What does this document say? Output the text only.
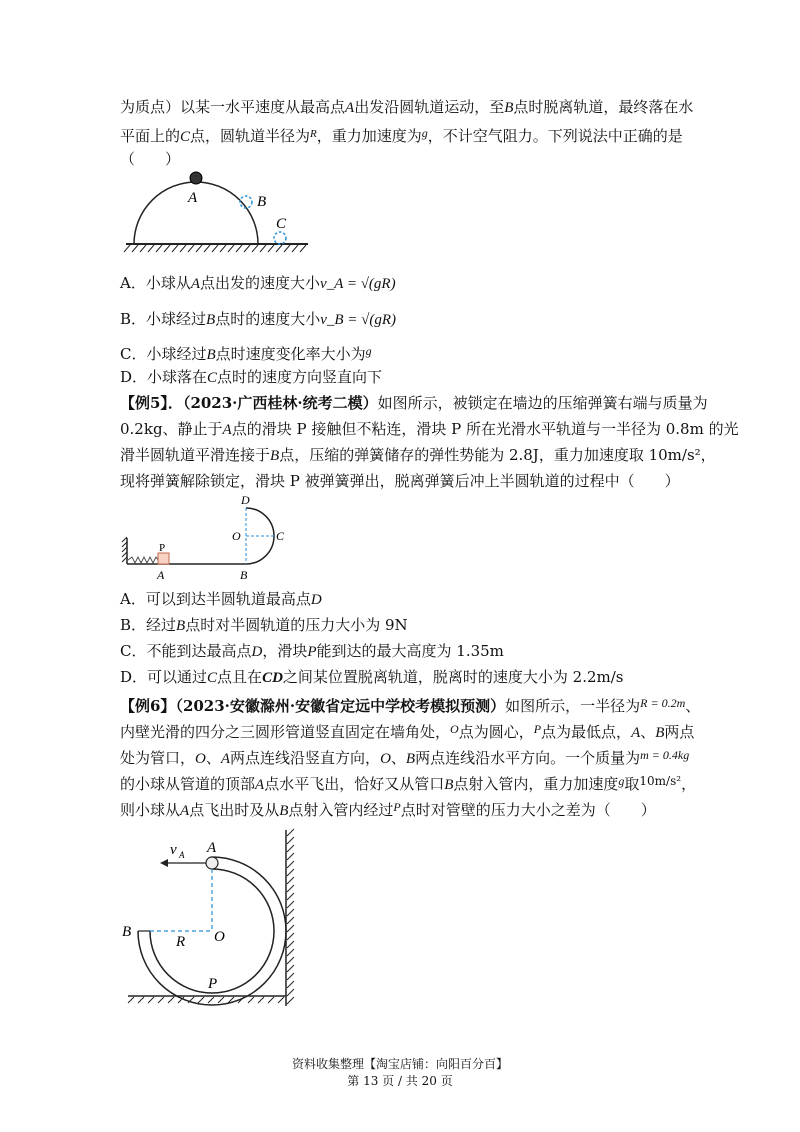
为质点）以某一水平速度从最高点A出发沿圆轨道运动，至B点时脱离轨道，最终落在水
平面上的C点，圆轨道半径为$^R$，重力加速度为$^g$，不计空气阻力。下列说法中正确的是
（　　）
A	B
C
A．小球从A点出发的速度大小v_A = √(gR)
B．小球经过B点时的速度大小v_B = √(gR)
C．小球经过B点时速度变化率大小为$^g$
D．小球落在C点时的速度方向竖直向下
【例5】．（2023·广西桂林·统考二模）如图所示，被锁定在墙边的压缩弹簧右端与质量为
0.2kg、静止于A点的滑块 P 接触但不粘连，滑块 P 所在光滑水平轨道与一半径为 0.8m 的光
滑半圆轨道平滑连接于B点，压缩的弹簧储存的弹性势能为 2.8J，重力加速度取 10m/s²，
现将弹簧解除锁定，滑块 P 被弹簧弹出，脱离弹簧后冲上半圆轨道的过程中（　　）
P
A	B
D
O	C
A．可以到达半圆轨道最高点D
B．经过B点时对半圆轨道的压力大小为 9N
C．不能到达最高点D，滑块P能到达的最大高度为 1.35m
D．可以通过C点且在CD之间某位置脱离轨道，脱离时的速度大小为 2.2m/s
【例6】（2023·安徽滁州·安徽省定远中学校考模拟预测）如图所示，一半径为$^{R = 0.2m}$、
内壁光滑的四分之三圆形管道竖直固定在墙角处，$^O$点为圆心，$^P$点为最低点，A、B两点
处为管口，O、A两点连线沿竖直方向，O、B两点连线沿水平方向。一个质量为$^{m = 0.4kg}$
的小球从管道的顶部A点水平飞出，恰好又从管口B点射入管内，重力加速度$^g$取$^{10m/s^2}$，
则小球从A点飞出时及从B点射入管内经过$^P$点时对管壁的压力大小之差为（　　）
v A A
B	O
R
P
资料收集整理【淘宝店铺：向阳百分百】
第 13 页 / 共 20 页
